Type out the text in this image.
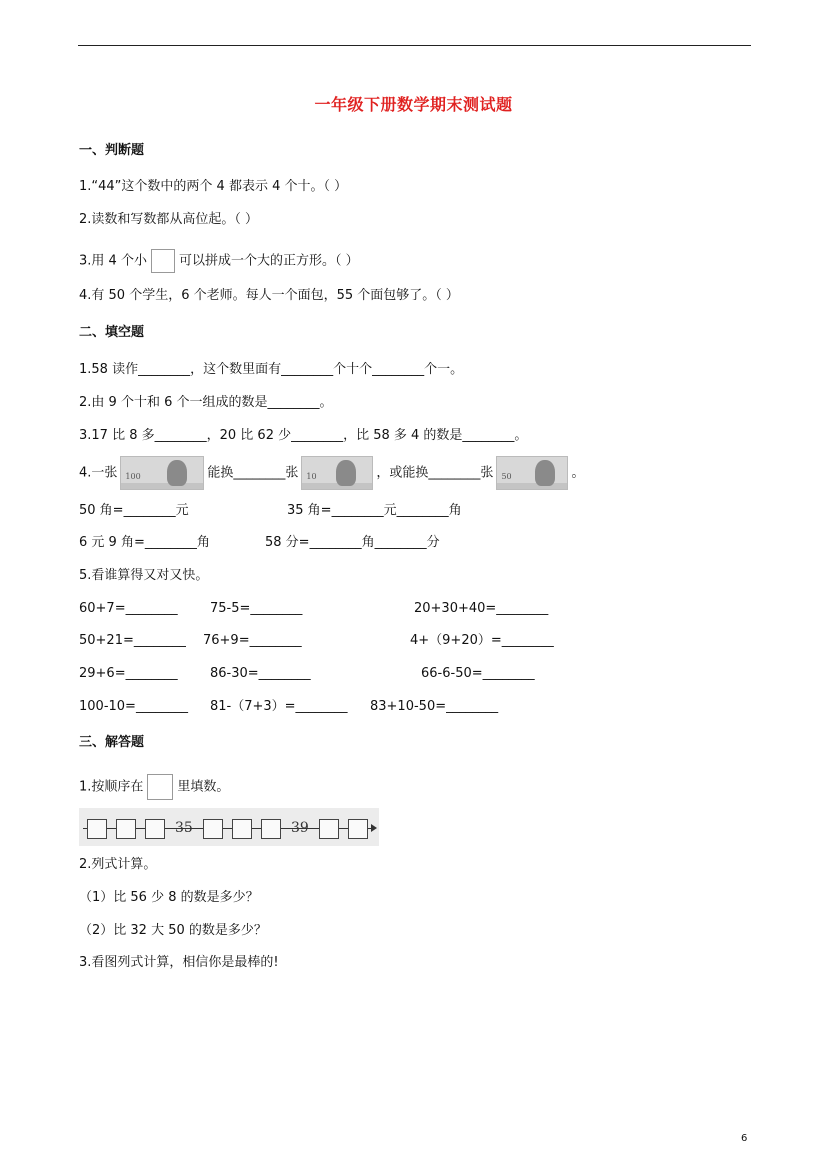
一年级下册数学期末测试题
一、判断题
1.“44”这个数中的两个 4 都表示 4 个十。（ ）
2.读数和写数都从高位起。（ ）
3.用 4 个小 可以拼成一个大的正方形。（ ）
4.有 50 个学生，6 个老师。每人一个面包，55 个面包够了。（ ）
二、填空题
1.58 读作________，这个数里面有________个十个________个一。
2.由 9 个十和 6 个一组成的数是________。
3.17 比 8 多________，20 比 62 少________，比 58 多 4 的数是________。
4.一张 100	能换________张 10	，或能换________张 50	。
50 角=________元	35 角=________元________角
6 元 9 角=________角	58 分=________角________分
5.看谁算得又对又快。
60+7=________ 75-5=________	20+30+40=________
50+21=________ 76+9=________	4+（9+20）=________
29+6=________ 86-30=________	66-6-50=________
100-10=________ 81-（7+3）=________ 83+10-50=________
三、解答题
1.按顺序在	里填数。
35	39
2.列式计算。
（1）比 56 少 8 的数是多少？
（2）比 32 大 50 的数是多少？
3.看图列式计算，相信你是最棒的!
6
